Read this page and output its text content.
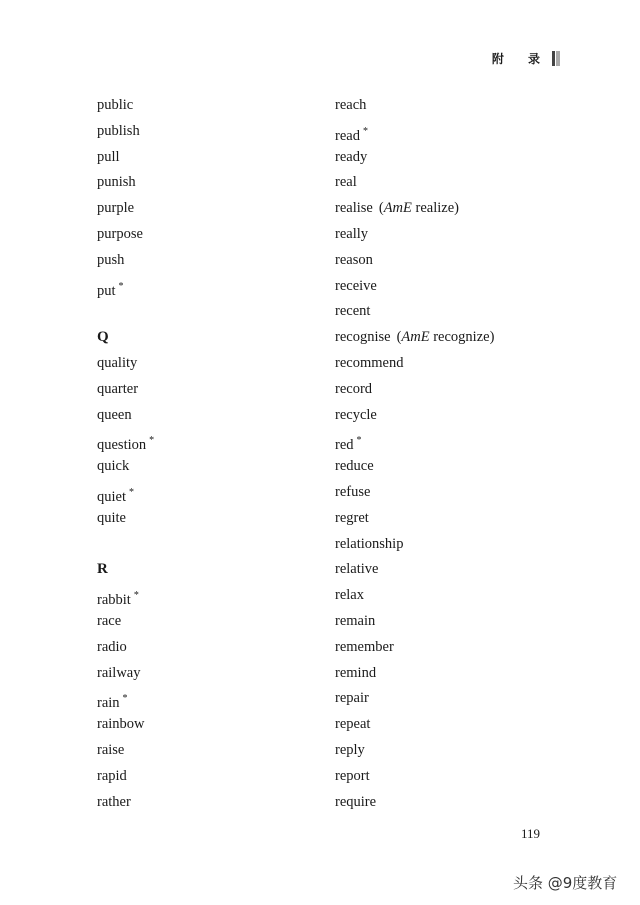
附 录
public
publish
pull
punish
purple
purpose
push
put *
Q
quality
quarter
queen
question *
quick
quiet *
quite
R
rabbit *
race
radio
railway
rain *
rainbow
raise
rapid
rather
reach
read *
ready
real
realise (AmE realize)
really
reason
receive
recent
recognise (AmE recognize)
recommend
record
recycle
red *
reduce
refuse
regret
relationship
relative
relax
remain
remember
remind
repair
repeat
reply
report
require
119
头条 @9度教育
